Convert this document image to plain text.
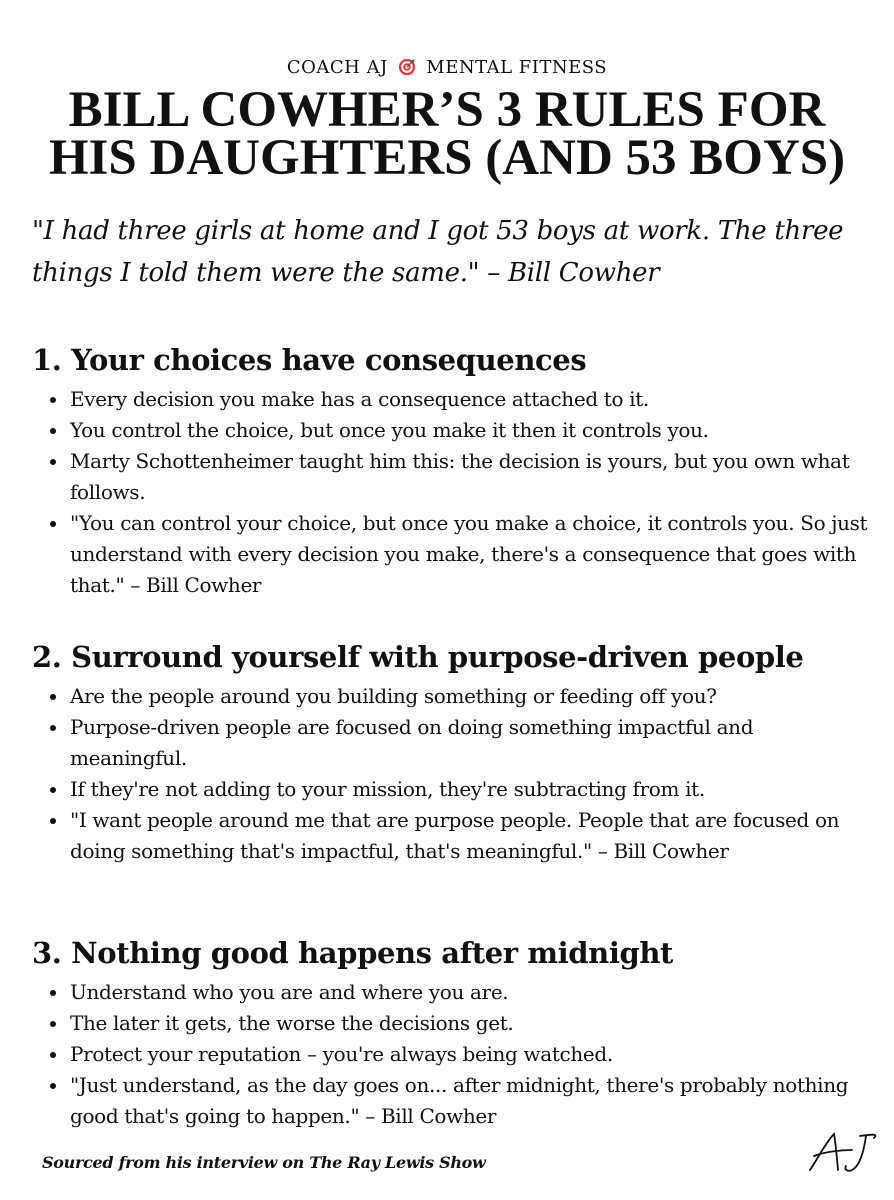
COACH AJ MENTAL FITNESS
BILL COWHER’S 3 RULES FOR
HIS DAUGHTERS (AND 53 BOYS)
"I had three girls at home and I got 53 boys at work. The three things I told them were the same." – Bill Cowher
1. Your choices have consequences
Every decision you make has a consequence attached to it.
You control the choice, but once you make it then it controls you.
Marty Schottenheimer taught him this: the decision is yours, but you own what follows.
"You can control your choice, but once you make a choice, it controls you. So just understand with every decision you make, there's a consequence that goes with that." – Bill Cowher
2. Surround yourself with purpose-driven people
Are the people around you building something or feeding off you?
Purpose-driven people are focused on doing something impactful and meaningful.
If they're not adding to your mission, they're subtracting from it.
"I want people around me that are purpose people. People that are focused on doing something that's impactful, that's meaningful." – Bill Cowher
3. Nothing good happens after midnight
Understand who you are and where you are.
The later it gets, the worse the decisions get.
Protect your reputation – you're always being watched.
"Just understand, as the day goes on... after midnight, there's probably nothing good that's going to happen." – Bill Cowher
Sourced from his interview on The Ray Lewis Show
